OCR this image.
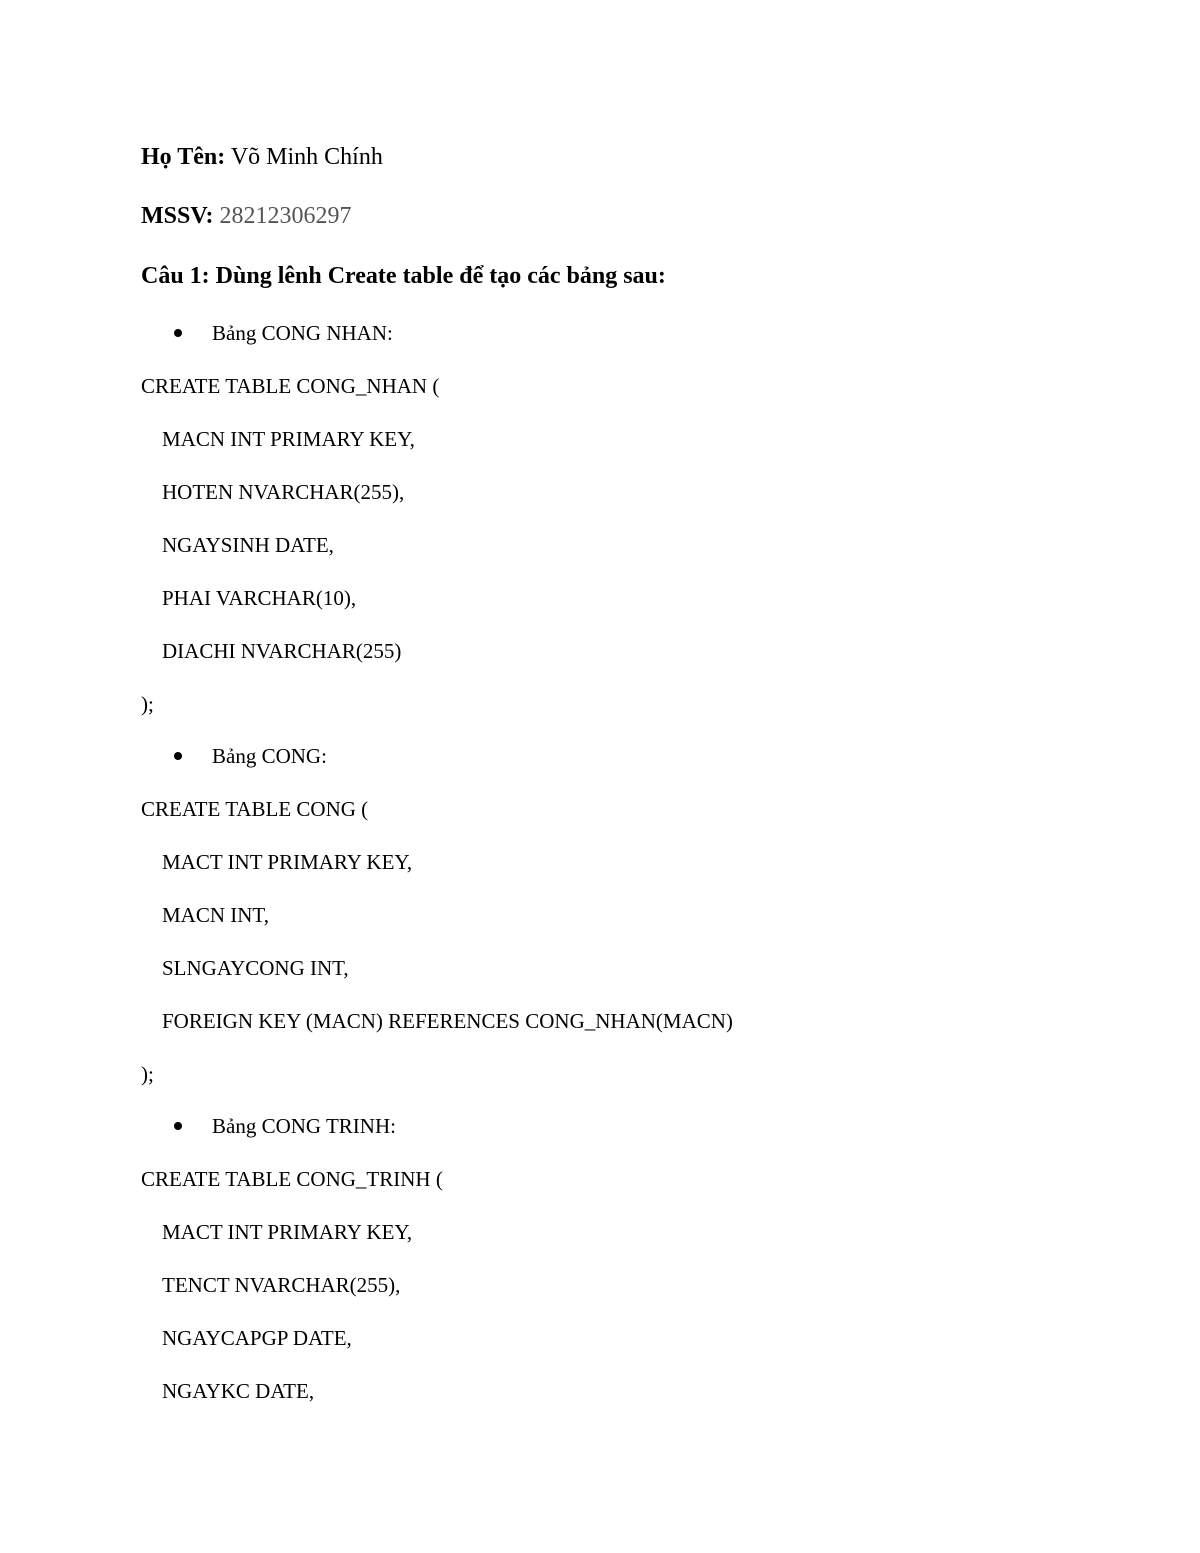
Họ Tên: Võ Minh Chính
MSSV: 28212306297
Câu 1: Dùng lênh Create table để tạo các bảng sau:
Bảng CONG NHAN:
CREATE TABLE CONG_NHAN (
MACN INT PRIMARY KEY,
HOTEN NVARCHAR(255),
NGAYSINH DATE,
PHAI VARCHAR(10),
DIACHI NVARCHAR(255)
);
Bảng CONG:
CREATE TABLE CONG (
MACT INT PRIMARY KEY,
MACN INT,
SLNGAYCONG INT,
FOREIGN KEY (MACN) REFERENCES CONG_NHAN(MACN)
);
Bảng CONG TRINH:
CREATE TABLE CONG_TRINH (
MACT INT PRIMARY KEY,
TENCT NVARCHAR(255),
NGAYCAPGP DATE,
NGAYKC DATE,
